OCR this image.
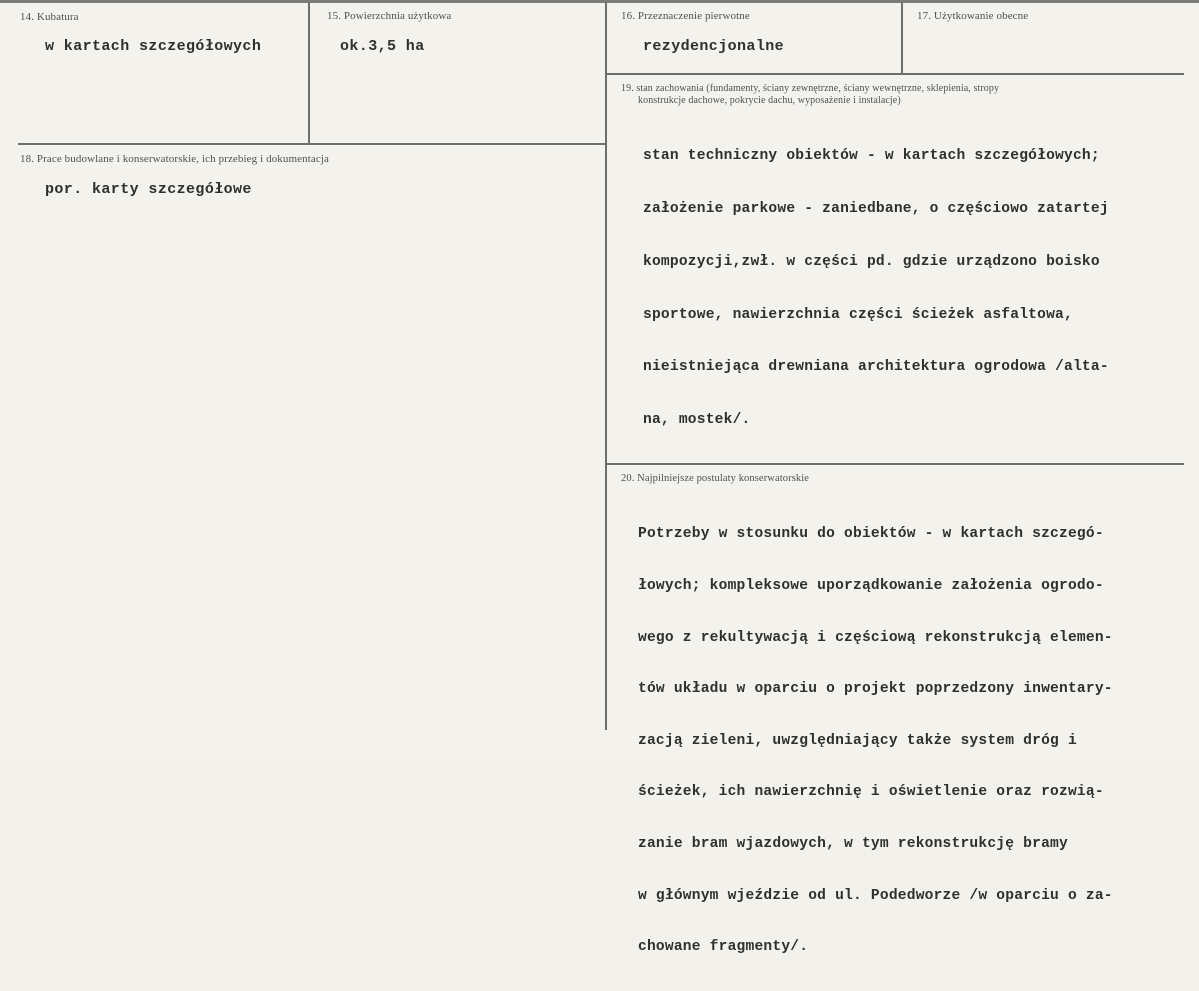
14. Kubatura
w kartach szczegółowych
15. Powierzchnia użytkowa
ok.3,5 ha
16. Przeznaczenie pierwotne
rezydencjonalne
17. Użytkowanie obecne
18. Prace budowlane i konserwatorskie, ich przebieg i dokumentacja
por. karty szczegółowe
19. stan zachowania (fundamenty, ściany zewnętrzne, ściany wewnętrzne, sklepienia, stropy
konstrukcje dachowe, pokrycie dachu, wyposażenie i instalacje)

stan techniczny obiektów - w kartach szczegółowych;

założenie parkowe - zaniedbane, o częściowo zatartej

kompozycji,zwł. w części pd. gdzie urządzono boisko

sportowe, nawierzchnia części ścieżek asfaltowa,

nieistniejąca drewniana architektura ogrodowa /alta-

na, mostek/.

20. Najpilniejsze postulaty konserwatorskie

Potrzeby w stosunku do obiektów - w kartach szczegó-

łowych; kompleksowe uporządkowanie założenia ogrodo-

wego z rekultywacją i częściową rekonstrukcją elemen-

tów układu w oparciu o projekt poprzedzony inwentary-

zacją zieleni, uwzględniający także system dróg i

ścieżek, ich nawierzchnię i oświetlenie oraz rozwią-

zanie bram wjazdowych, w tym rekonstrukcję bramy

w głównym wjeździe od ul. Podedworze /w oparciu o za-

chowane fragmenty/.
